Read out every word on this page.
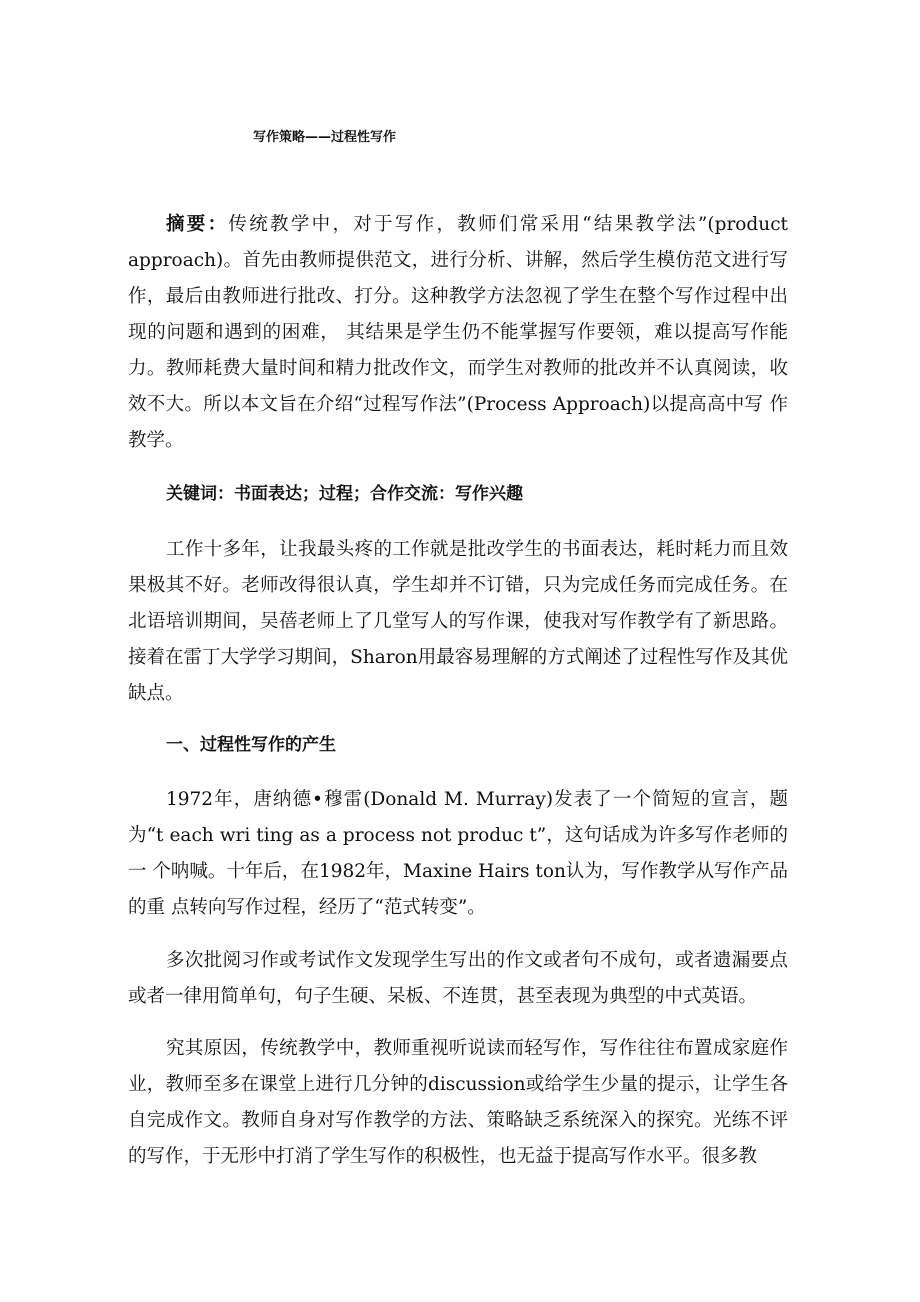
写作策略——过程性写作

摘要：传统教学中，对于写作，教师们常采用“结果教学法”(product approach)。首先由教师提供范文，进行分析、讲解，然后学生模仿范文进行写作，最后由教师进行批改、打分。这种教学方法忽视了学生在整个写作过程中出现的问题和遇到的困难， 其结果是学生仍不能掌握写作要领，难以提高写作能力。教师耗费大量时间和精力批改作文，而学生对教师的批改并不认真阅读，收效不大。所以本文旨在介绍“过程写作法”(Process Approach)以提高高中写 作教学。

关键词：书面表达；过程；合作交流：写作兴趣

工作十多年，让我最头疼的工作就是批改学生的书面表达，耗时耗力而且效果极其不好。老师改得很认真，学生却并不订错，只为完成任务而完成任务。在北语培训期间，吴蓓老师上了几堂写人的写作课，使我对写作教学有了新思路。接着在雷丁大学学习期间，Sharon用最容易理解的方式阐述了过程性写作及其优缺点。

一、过程性写作的产生

1972年，唐纳德•穆雷(Donald M. Murray)发表了一个简短的宣言，题为“t each wri ting as a process not produc t”，这句话成为许多写作老师的一 个呐喊。十年后，在1982年，Maxine Hairs ton认为，写作教学从写作产品的重 点转向写作过程，经历了“范式转变”。

多次批阅习作或考试作文发现学生写出的作文或者句不成句，或者遗漏要点或者一律用简单句，句子生硬、呆板、不连贯，甚至表现为典型的中式英语。

究其原因，传统教学中，教师重视听说读而轻写作，写作往往布置成家庭作业，教师至多在课堂上进行几分钟的discussion或给学生少量的提示，让学生各自完成作文。教师自身对写作教学的方法、策略缺乏系统深入的探究。光练不评的写作，于无形中打消了学生写作的积极性，也无益于提高写作水平。很多教
